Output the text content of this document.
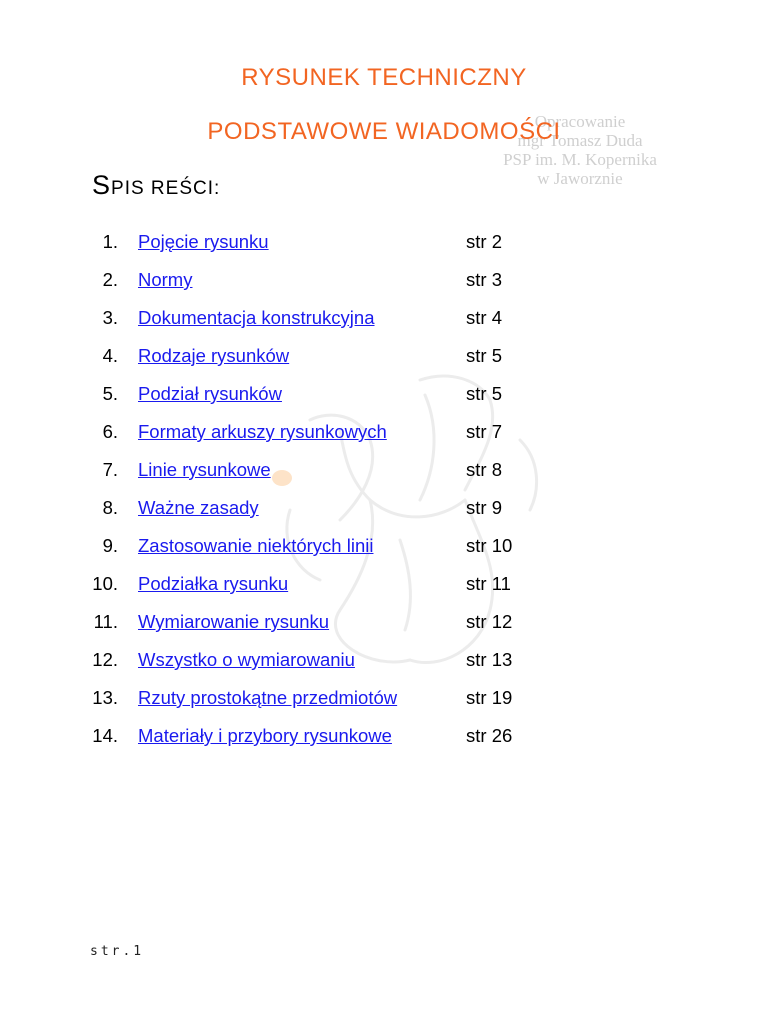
Opracowanie
mgr Tomasz Duda
PSP im. M. Kopernika
w Jaworznie
RYSUNEK TECHNICZNY
PODSTAWOWE WIADOMOŚCI
SPIS REŚCI:
1. Pojęcie rysunku	str 2
2. Normy	str 3
3. Dokumentacja konstrukcyjna	str 4
4. Rodzaje rysunków	str 5
5. Podział rysunków	str 5
6. Formaty arkuszy rysunkowych	str 7
7. Linie rysunkowe	str 8
8. Ważne zasady	str 9
9. Zastosowanie niektórych linii	str 10
10. Podziałka rysunku	str 11
11. Wymiarowanie rysunku	str 12
12. Wszystko o wymiarowaniu	str 13
13. Rzuty prostokątne przedmiotów	str 19
14. Materiały i przybory rysunkowe	str 26
str.1
